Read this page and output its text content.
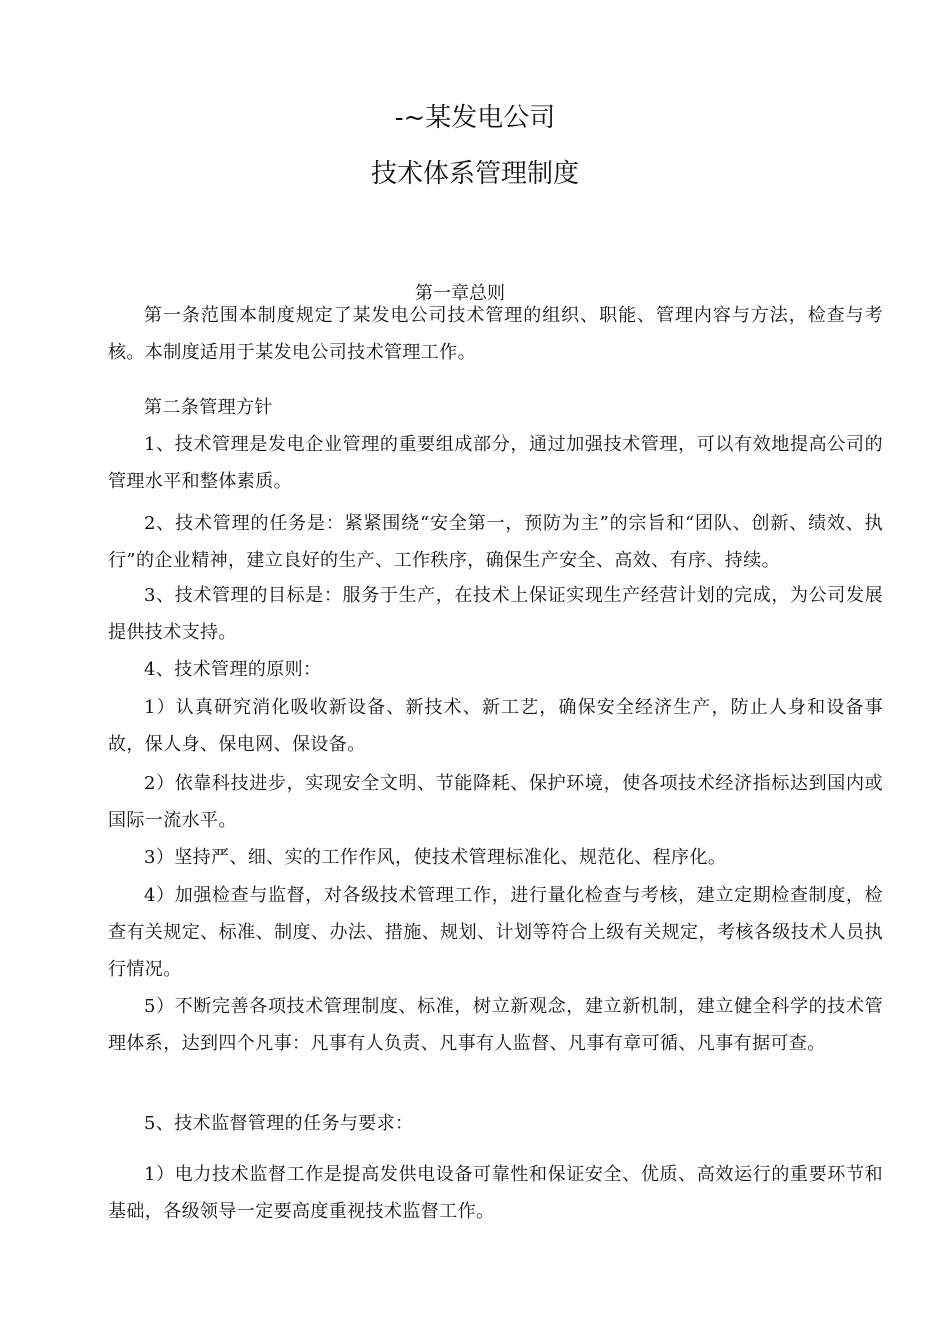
-~某发电公司
技术体系管理制度
第一章总则

第一条范围本制度规定了某发电公司技术管理的组织、职能、管理内容与方法，检查与考核。本制度适用于某发电公司技术管理工作。

第二条管理方针

1、技术管理是发电企业管理的重要组成部分，通过加强技术管理，可以有效地提高公司的管理水平和整体素质。

2、技术管理的任务是：紧紧围绕“安全第一，预防为主”的宗旨和“团队、创新、绩效、执行”的企业精神，建立良好的生产、工作秩序，确保生产安全、高效、有序、持续。

3、技术管理的目标是：服务于生产，在技术上保证实现生产经营计划的完成，为公司发展提供技术支持。

4、技术管理的原则：

1）认真研究消化吸收新设备、新技术、新工艺，确保安全经济生产，防止人身和设备事故，保人身、保电网、保设备。

2）依靠科技进步，实现安全文明、节能降耗、保护环境，使各项技术经济指标达到国内或国际一流水平。

3）坚持严、细、实的工作作风，使技术管理标准化、规范化、程序化。

4）加强检查与监督，对各级技术管理工作，进行量化检查与考核，建立定期检查制度，检查有关规定、标准、制度、办法、措施、规划、计划等符合上级有关规定，考核各级技术人员执行情况。

5）不断完善各项技术管理制度、标准，树立新观念，建立新机制，建立健全科学的技术管理体系，达到四个凡事：凡事有人负责、凡事有人监督、凡事有章可循、凡事有据可查。

5、技术监督管理的任务与要求：

1）电力技术监督工作是提高发供电设备可靠性和保证安全、优质、高效运行的重要环节和基础，各级领导一定要高度重视技术监督工作。
